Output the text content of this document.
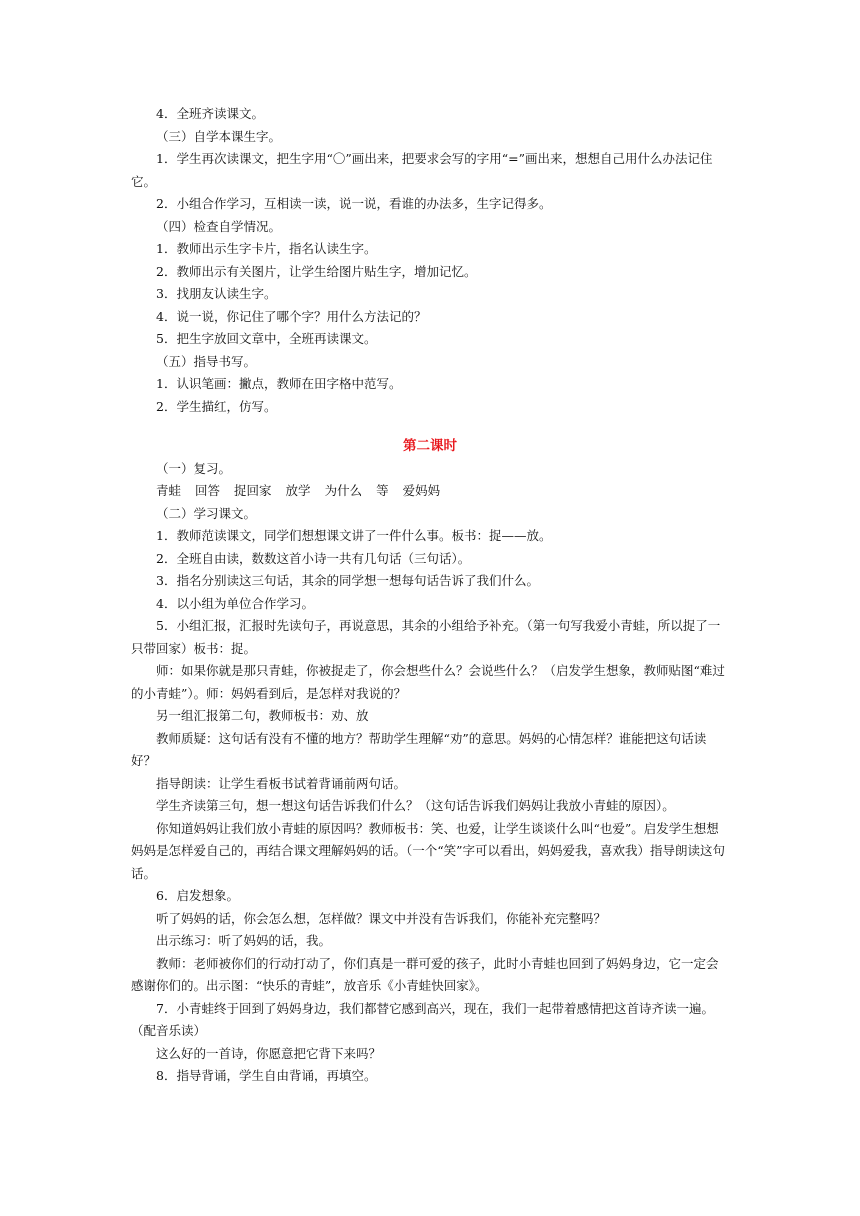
4．全班齐读课文。

（三）自学本课生字。

1．学生再次读课文，把生字用“〇”画出来，把要求会写的字用“=”画出来，想想自己用什么办法记住它。

2．小组合作学习，互相读一读，说一说，看谁的办法多，生字记得多。

（四）检查自学情况。

1．教师出示生字卡片，指名认读生字。

2．教师出示有关图片，让学生给图片贴生字，增加记忆。

3．找朋友认读生字。

4．说一说，你记住了哪个字？用什么方法记的？

5．把生字放回文章中，全班再读课文。

（五）指导书写。

1．认识笔画：撇点，教师在田字格中范写。

2．学生描红，仿写。

第二课时

（一）复习。

青蛙 回答 捉回家 放学 为什么 等 爱妈妈

（二）学习课文。

1．教师范读课文，同学们想想课文讲了一件什么事。板书：捉——放。

2．全班自由读，数数这首小诗一共有几句话（三句话）。

3．指名分别读这三句话，其余的同学想一想每句话告诉了我们什么。

4．以小组为单位合作学习。

5．小组汇报，汇报时先读句子，再说意思，其余的小组给予补充。（第一句写我爱小青蛙，所以捉了一只带回家）板书：捉。

师：如果你就是那只青蛙，你被捉走了，你会想些什么？会说些什么？（启发学生想象，教师贴图“难过的小青蛙”）。师：妈妈看到后，是怎样对我说的？

另一组汇报第二句，教师板书：劝、放

教师质疑：这句话有没有不懂的地方？帮助学生理解“劝”的意思。妈妈的心情怎样？谁能把这句话读好？

指导朗读：让学生看板书试着背诵前两句话。

学生齐读第三句，想一想这句话告诉我们什么？（这句话告诉我们妈妈让我放小青蛙的原因）。

你知道妈妈让我们放小青蛙的原因吗？教师板书：笑、也爱，让学生谈谈什么叫“也爱”。启发学生想想妈妈是怎样爱自己的，再结合课文理解妈妈的话。（一个“笑”字可以看出，妈妈爱我，喜欢我）指导朗读这句话。

6．启发想象。

听了妈妈的话，你会怎么想，怎样做？课文中并没有告诉我们，你能补充完整吗？

出示练习：听了妈妈的话，我。

教师：老师被你们的行动打动了，你们真是一群可爱的孩子，此时小青蛙也回到了妈妈身边，它一定会感谢你们的。出示图：“快乐的青蛙”，放音乐《小青蛙快回家》。

7．小青蛙终于回到了妈妈身边，我们都替它感到高兴，现在，我们一起带着感情把这首诗齐读一遍。（配音乐读）

这么好的一首诗，你愿意把它背下来吗？

8．指导背诵，学生自由背诵，再填空。
